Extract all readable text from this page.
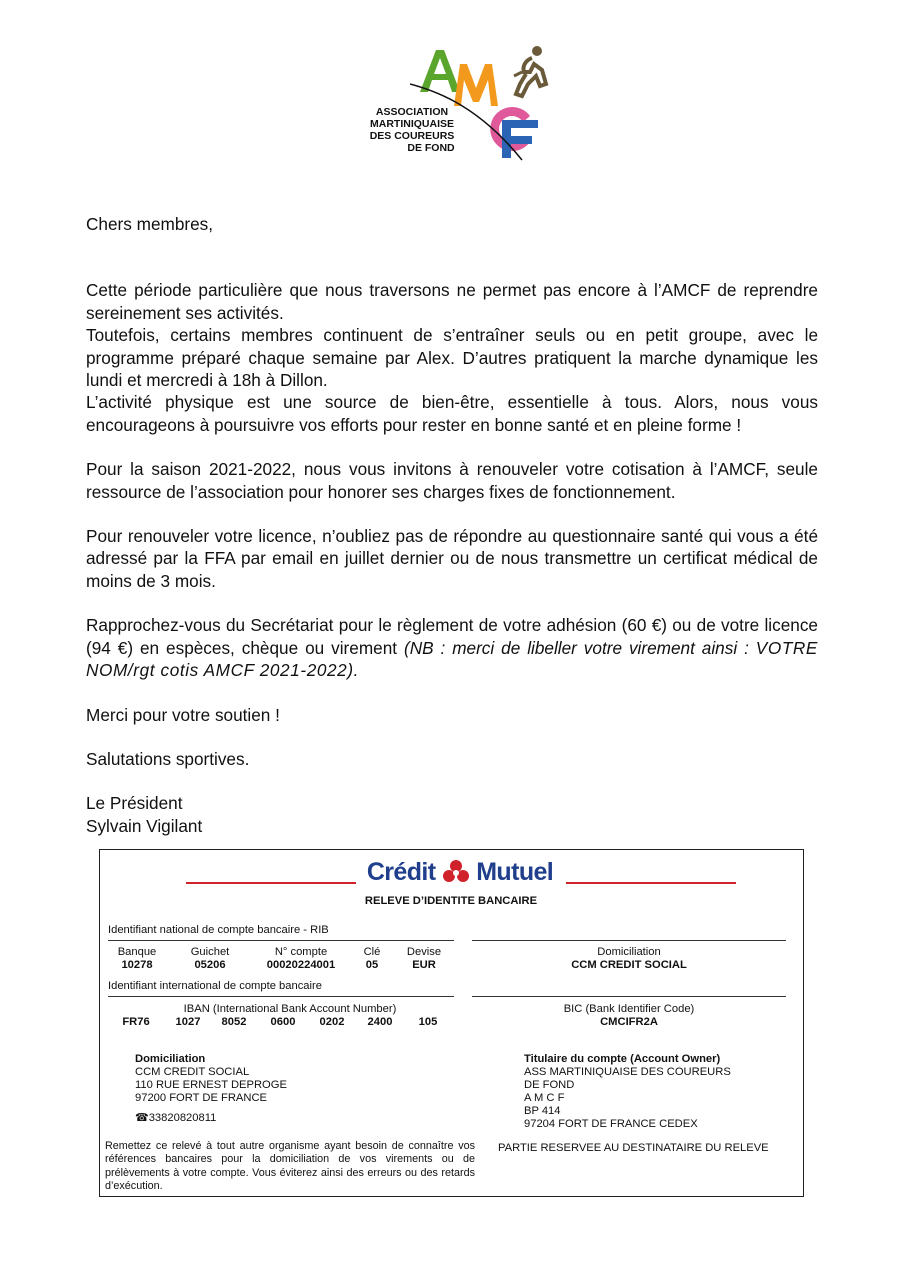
ASSOCIATION
MARTINIQUAISE
DES COUREURS
DE FOND

Chers membres,

Cette période particulière que nous traversons ne permet pas encore à l’AMCF de reprendre sereinement ses activités.

Toutefois, certains membres continuent de s’entraîner seuls ou en petit groupe, avec le programme préparé chaque semaine par Alex. D’autres pratiquent la marche dynamique les lundi et mercredi à 18h à Dillon.

L’activité physique est une source de bien-être, essentielle à tous. Alors, nous vous encourageons à poursuivre vos efforts pour rester en bonne santé et en pleine forme !

Pour la saison 2021-2022, nous vous invitons à renouveler votre cotisation à l’AMCF, seule ressource de l’association pour honorer ses charges fixes de fonctionnement.

Pour renouveler votre licence, n’oubliez pas de répondre au questionnaire santé qui vous a été adressé par la FFA par email en juillet dernier ou de nous transmettre un certificat médical de moins de 3 mois.

Rapprochez-vous du Secrétariat pour le règlement de votre adhésion (60 €) ou de votre licence (94 €) en espèces, chèque ou virement (NB : merci de libeller votre virement ainsi : VOTRE NOM/rgt cotis AMCF 2021-2022).

Merci pour votre soutien !

Salutations sportives.

Le Président

Sylvain Vigilant

Crédit Mutuel
RELEVE D’IDENTITE BANCAIRE
Identifiant national de compte bancaire - RIB
Banque	Guichet	N° compte	Clé	Devise
10278	05206	00020224001	05	EUR
Domiciliation
CCM CREDIT SOCIAL
Identifiant international de compte bancaire
IBAN (International Bank Account Number)
FR76	1027	8052	0600	0202	2400	105
BIC (Bank Identifier Code)
CMCIFR2A
Domiciliation
CCM CREDIT SOCIAL
110 RUE ERNEST DEPROGE
97200 FORT DE FRANCE
☎33820820811
Titulaire du compte (Account Owner)
ASS MARTINIQUAISE DES COUREURS
DE FOND
A M C F
BP 414
97204 FORT DE FRANCE CEDEX
Remettez ce relevé à tout autre organisme ayant besoin de connaître vos références bancaires pour la domiciliation de vos virements ou de prélèvements à votre compte. Vous éviterez ainsi des erreurs ou des retards d’exécution.
PARTIE RESERVEE AU DESTINATAIRE DU RELEVE
